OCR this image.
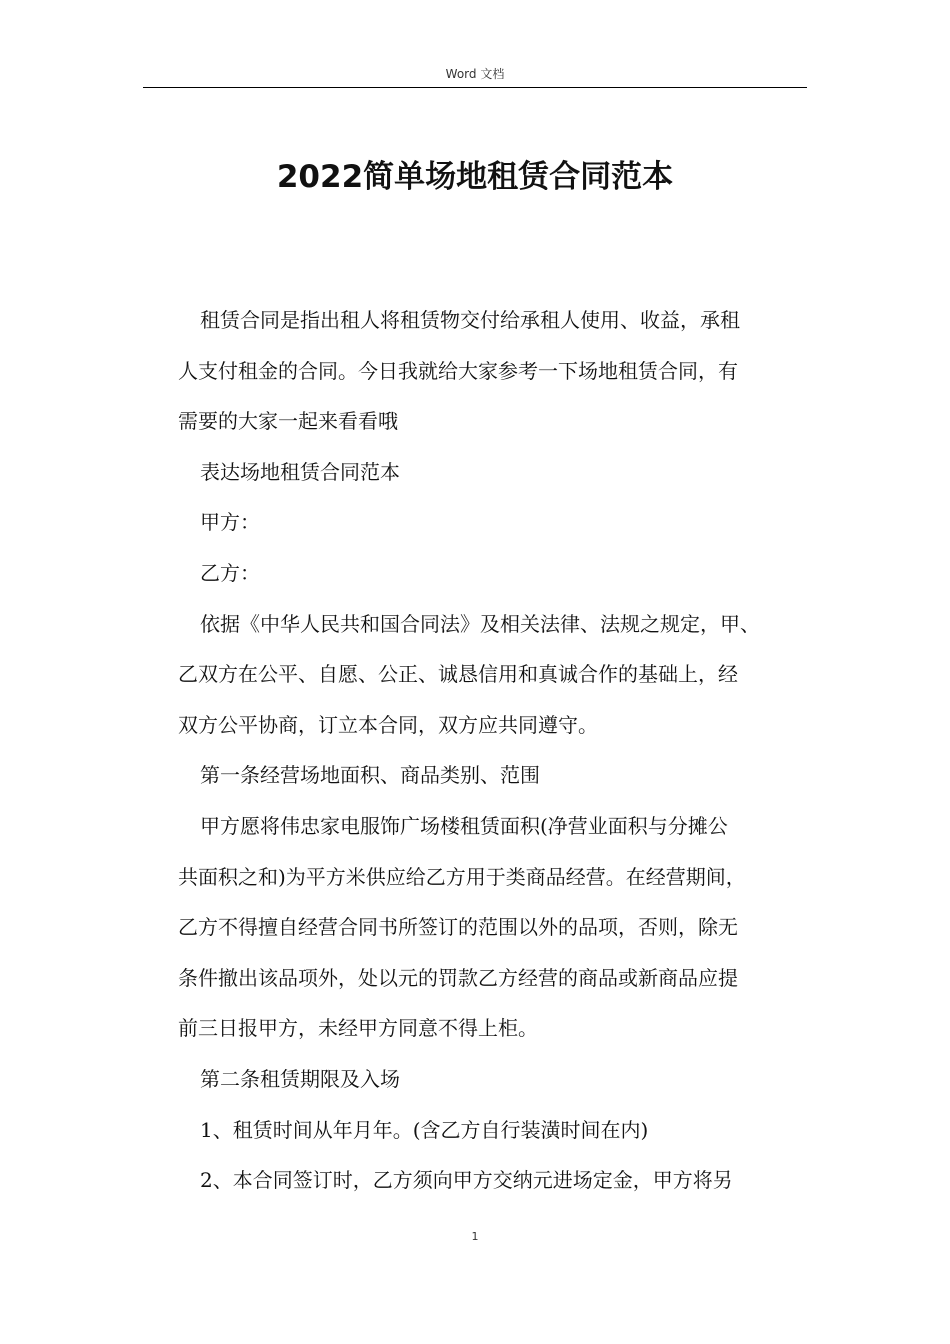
Word 文档
2022简单场地租赁合同范本

租赁合同是指出租人将租赁物交付给承租人使用、收益，承租
人支付租金的合同。今日我就给大家参考一下场地租赁合同，有
需要的大家一起来看看哦

表达场地租赁合同范本

甲方：

乙方：

依据《中华人民共和国合同法》及相关法律、法规之规定，甲、
乙双方在公平、自愿、公正、诚恳信用和真诚合作的基础上，经
双方公平协商，订立本合同，双方应共同遵守。

第一条经营场地面积、商品类别、范围

甲方愿将伟忠家电服饰广场楼租赁面积(净营业面积与分摊公
共面积之和)为平方米供应给乙方用于类商品经营。在经营期间，
乙方不得擅自经营合同书所签订的范围以外的品项，否则，除无
条件撤出该品项外，处以元的罚款乙方经营的商品或新商品应提
前三日报甲方，未经甲方同意不得上柜。

第二条租赁期限及入场

1、租赁时间从年月年。(含乙方自行装潢时间在内)

2、本合同签订时，乙方须向甲方交纳元进场定金，甲方将另

1
